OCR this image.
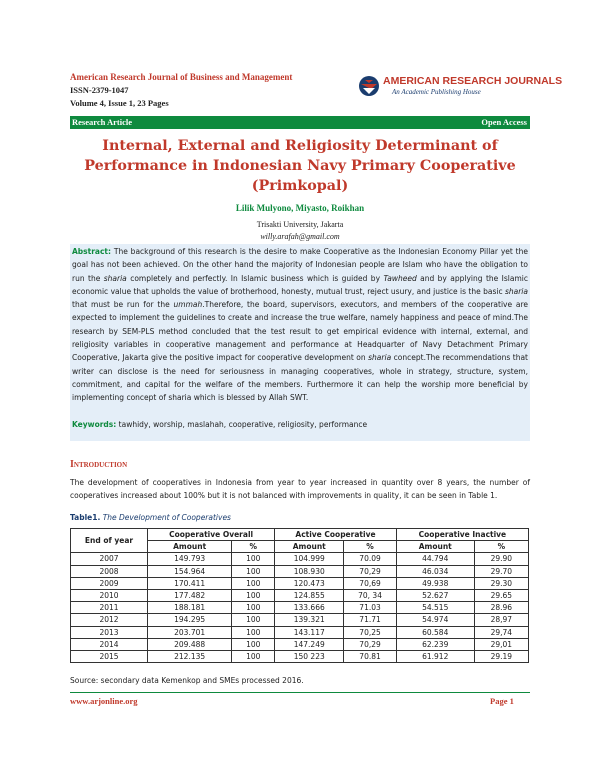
American Research Journal of Business and Management
ISSN-2379-1047
Volume 4, Issue 1, 23 Pages
AMERICAN RESEARCH JOURNALS
An Academic Publishing House
Research Article	Open Access
Internal, External and Religiosity Determinant of Performance in Indonesian Navy Primary Cooperative (Primkopal)
Lilik Mulyono, Miyasto, Roikhan
Trisakti University, Jakarta
willy.arafah@gmail.com
Abstract: The background of this research is the desire to make Cooperative as the Indonesian Economy Pillar yet the goal has not been achieved. On the other hand the majority of Indonesian people are Islam who have the obligation to run the sharia completely and perfectly. In Islamic business which is guided by Tawheed and by applying the Islamic economic value that upholds the value of brotherhood, honesty, mutual trust, reject usury, and justice is the basic sharia that must be run for the ummah.Therefore, the board, supervisors, executors, and members of the cooperative are expected to implement the guidelines to create and increase the true welfare, namely happiness and peace of mind.The research by SEM-PLS method concluded that the test result to get empirical evidence with internal, external, and religiosity variables in cooperative management and performance at Headquarter of Navy Detachment Primary Cooperative, Jakarta give the positive impact for cooperative development on sharia concept.The recommendations that writer can disclose is the need for seriousness in managing cooperatives, whole in strategy, structure, system, commitment, and capital for the welfare of the members. Furthermore it can help the worship more beneficial by implementing concept of sharia which is blessed by Allah SWT.
Keywords: tawhidy, worship, maslahah, cooperative, religiosity, performance
Introduction
The development of cooperatives in Indonesia from year to year increased in quantity over 8 years, the number of cooperatives increased about 100% but it is not balanced with improvements in quality, it can be seen in Table 1.
Table1. The Development of Cooperatives
End of year	Cooperative Overall		Active Cooperative		Cooperative Inactive	
	Amount	%	Amount	%	Amount	%
2007	149.793	100	104.999	70.09	44.794	29.90
2008	154.964	100	108.930	70,29	46.034	29.70
2009	170.411	100	120.473	70,69	49.938	29.30
2010	177.482	100	124.855	70, 34	52.627	29.65
2011	188.181	100	133.666	71.03	54.515	28.96
2012	194.295	100	139.321	71.71	54.974	28,97
2013	203.701	100	143.117	70,25	60.584	29,74
2014	209.488	100	147.249	70,29	62.239	29,01
2015	212.135	100	150 223	70.81	61.912	29.19
Source: secondary data Kemenkop and SMEs processed 2016.
www.arjonline.org	Page 1
